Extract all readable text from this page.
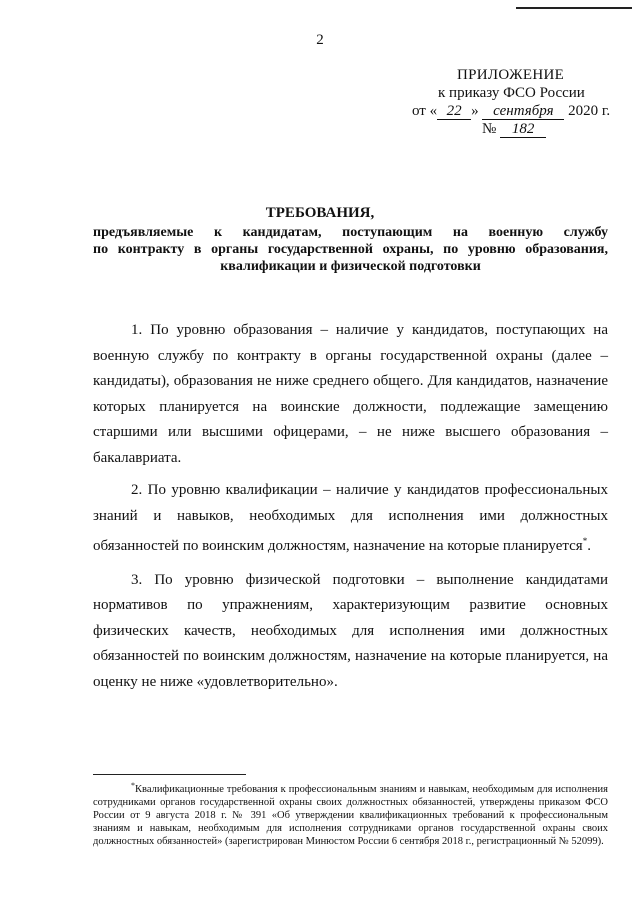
2
ПРИЛОЖЕНИЕ
к приказу ФСО России
от « 22 » сентября 2020 г.
№ 182
ТРЕБОВАНИЯ,
предъявляемые к кандидатам, поступающим на военную службу
по контракту в органы государственной охраны, по уровню образования,
квалификации и физической подготовки

1. По уровню образования – наличие у кандидатов, поступающих на военную службу по контракту в органы государственной охраны (далее – кандидаты), образования не ниже среднего общего. Для кандидатов, назначение которых планируется на воинские должности, подлежащие замещению старшими или высшими офицерами, – не ниже высшего образования – бакалавриата.

2. По уровню квалификации – наличие у кандидатов профессиональных знаний и навыков, необходимых для исполнения ими должностных обязанностей по воинским должностям, назначение на которые планируется*.

3. По уровню физической подготовки – выполнение кандидатами нормативов по упражнениям, характеризующим развитие основных физических качеств, необходимых для исполнения ими должностных обязанностей по воинским должностям, назначение на которые планируется, на оценку не ниже «удовлетворительно».

*Квалификационные требования к профессиональным знаниям и навыкам, необходимым для исполнения сотрудниками органов государственной охраны своих должностных обязанностей, утверждены приказом ФСО России от 9 августа 2018 г. № 391 «Об утверждении квалификационных требований к профессиональным знаниям и навыкам, необходимым для исполнения сотрудниками органов государственной охраны своих должностных обязанностей» (зарегистрирован Минюстом России 6 сентября 2018 г., регистрационный № 52099).
